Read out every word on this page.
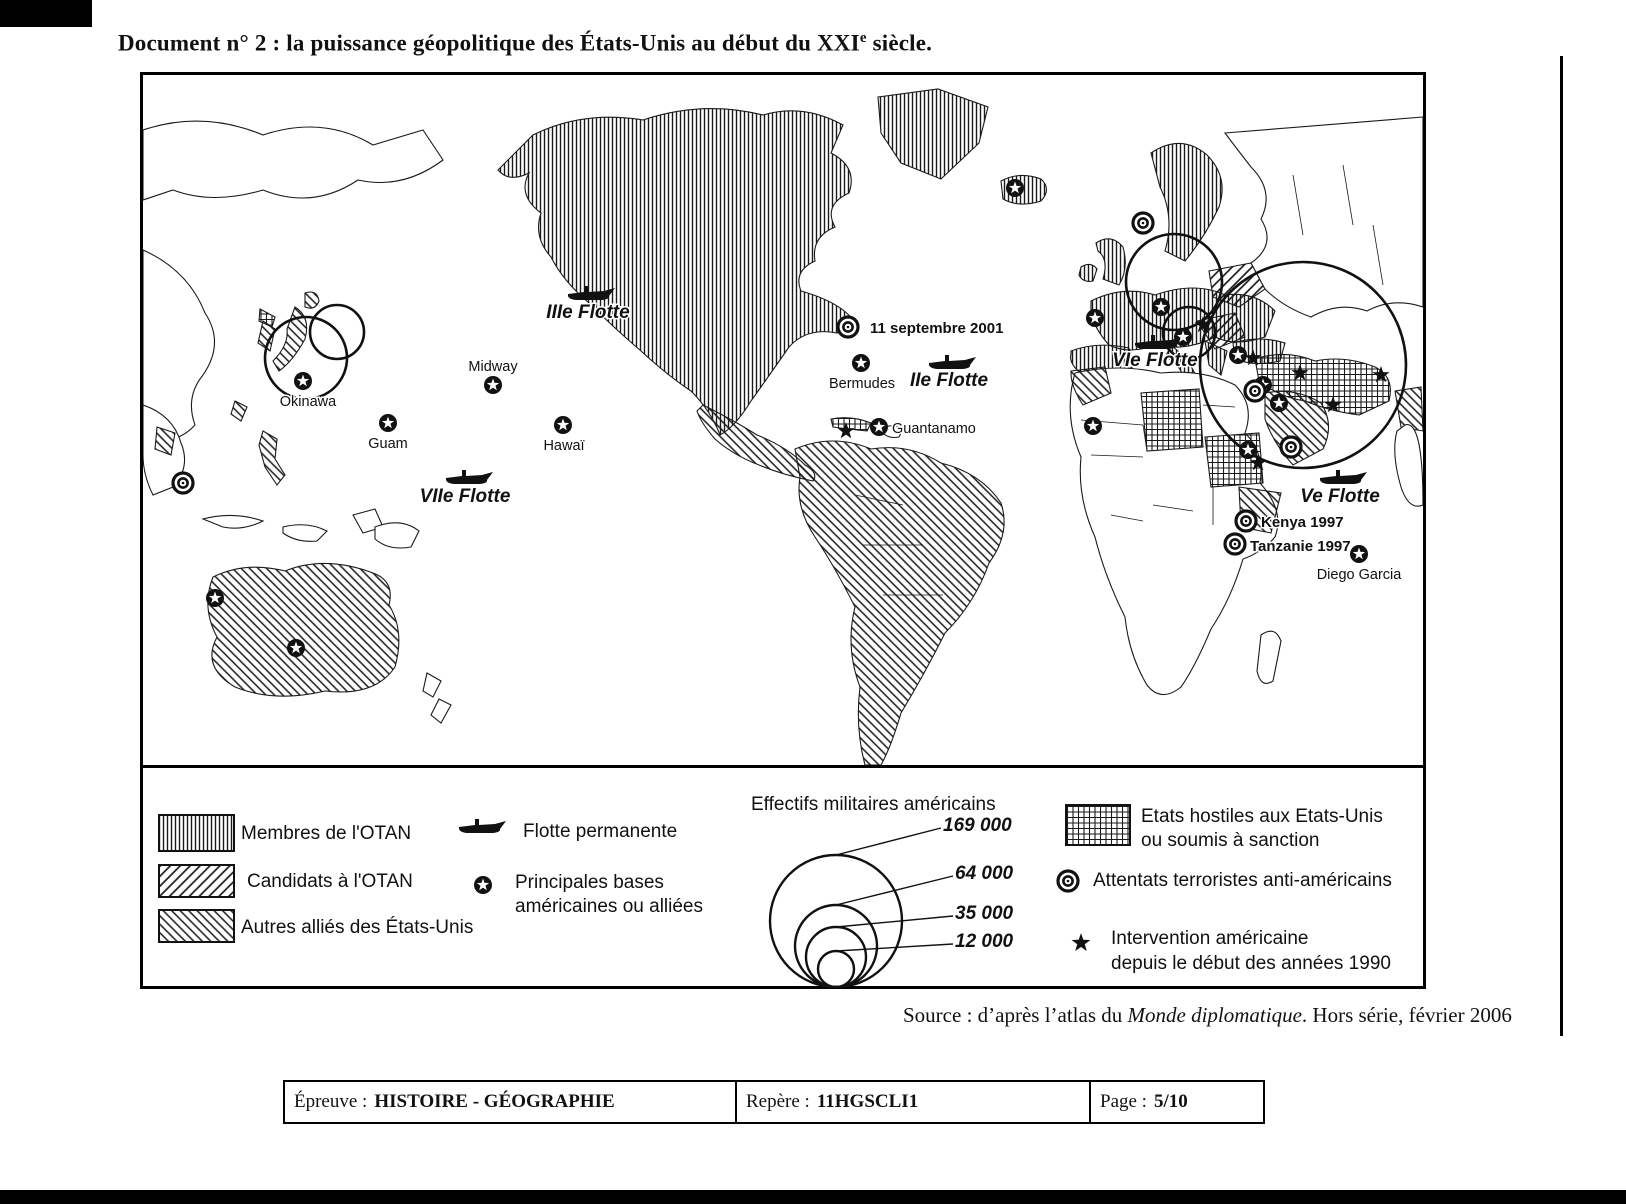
Document n° 2 : la puissance géopolitique des États-Unis au début du XXIe siècle.
IIIe Flotte
VIIe Flotte
IIe Flotte
VIe Flotte
Ve Flotte
Okinawa
Guam
Midway
Hawaï
Bermudes
Guantanamo
Diego Garcia
11 septembre 2001
Kenya 1997
Tanzanie 1997
Membres de l'OTAN
Candidats à l'OTAN
Autres alliés des États-Unis
Flotte permanente
Principales bases
américaines ou alliées
Effectifs militaires américains
169 000
64 000
35 000
12 000
Etats hostiles aux Etats-Unis
ou soumis à sanction
Attentats terroristes anti-américains
Intervention américaine
depuis le début des années 1990
Source : d’après l’atlas du Monde diplomatique. Hors série, février 2006
Épreuve : HISTOIRE - GÉOGRAPHIE	Repère : 11HGSCLI1	Page : 5/10
